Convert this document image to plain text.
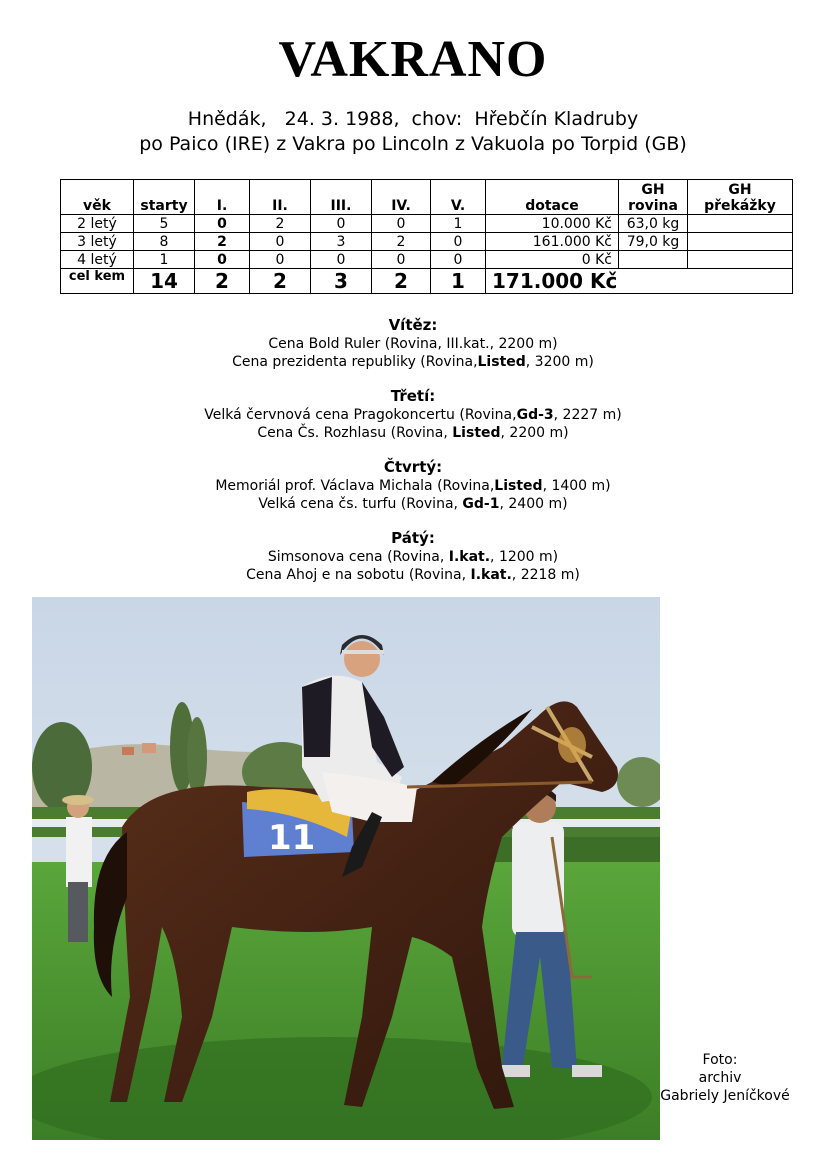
VAKRANO
Hnědák,   24. 3. 1988,  chov:  Hřebčín Kladruby
po Paico (IRE) z Vakra po Lincoln z Vakuola po Torpid (GB)
věk	starty	I.	II.	III.	IV.	V.	dotace	GH rovina	GH překážky
2 letý	5	0	2	0	0	1	10.000 Kč	63,0 kg	
3 letý	8	2	0	3	2	0	161.000 Kč	79,0 kg	
4 letý	1	0	0	0	0	0	0 Kč		
cel kem	14	2	2	3	2	1	171.000 Kč		
Vítěz:
Cena Bold Ruler (Rovina, III.kat., 2200 m)
Cena prezidenta republiky (Rovina,Listed, 3200 m)
Třetí:
Velká červnová cena Pragokoncertu (Rovina,Gd-3, 2227 m)
Cena Čs. Rozhlasu (Rovina, Listed, 2200 m)
Čtvrtý:
Memoriál prof. Václava Michala (Rovina,Listed, 1400 m)
Velká cena čs. turfu (Rovina, Gd-1, 2400 m)
Pátý:
Simsonova cena (Rovina, I.kat., 1200 m)
Cena Ahoj e na sobotu (Rovina, I.kat., 2218 m)
11
Foto:
archiv
Gabriely Jeníčkové
